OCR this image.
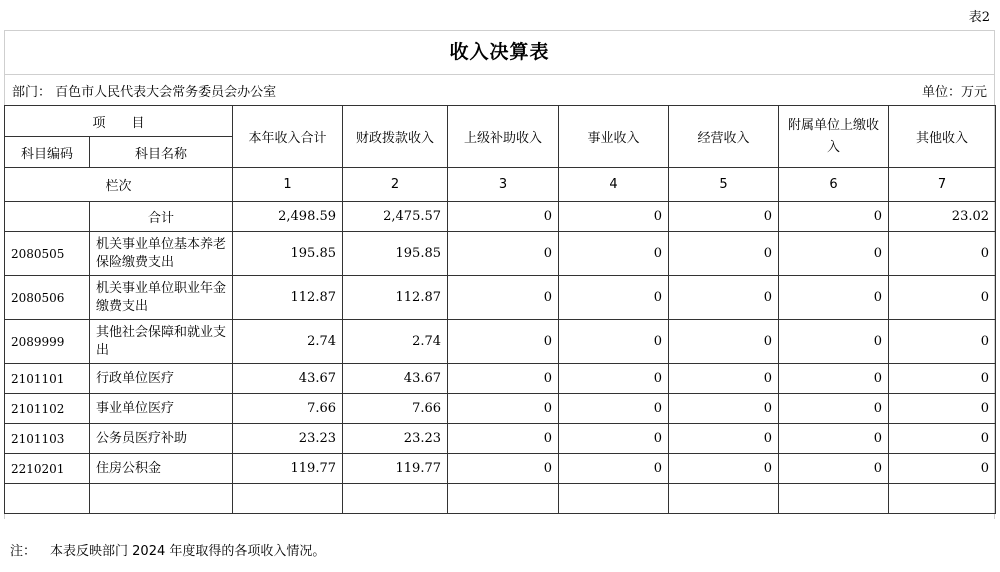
表2
收入决算表
部门： 百色市人民代表大会常务委员会办公室	单位：万元
项　　目		本年收入合计	财政拨款收入	上级补助收入	事业收入	经营收入	附属单位上缴收入	其他收入
科目编码	科目名称							
栏次		1	2	3	4	5	6	7
	合计	2,498.59	2,475.57	0	0	0	0	23.02
2080505	机关事业单位基本养老保险缴费支出	195.85	195.85	0	0	0	0	0
2080506	机关事业单位职业年金缴费支出	112.87	112.87	0	0	0	0	0
2089999	其他社会保障和就业支出	2.74	2.74	0	0	0	0	0
2101101	行政单位医疗	43.67	43.67	0	0	0	0	0
2101102	事业单位医疗	7.66	7.66	0	0	0	0	0
2101103	公务员医疗补助	23.23	23.23	0	0	0	0	0
2210201	住房公积金	119.77	119.77	0	0	0	0	0

注： 本表反映部门 2024 年度取得的各项收入情况。
